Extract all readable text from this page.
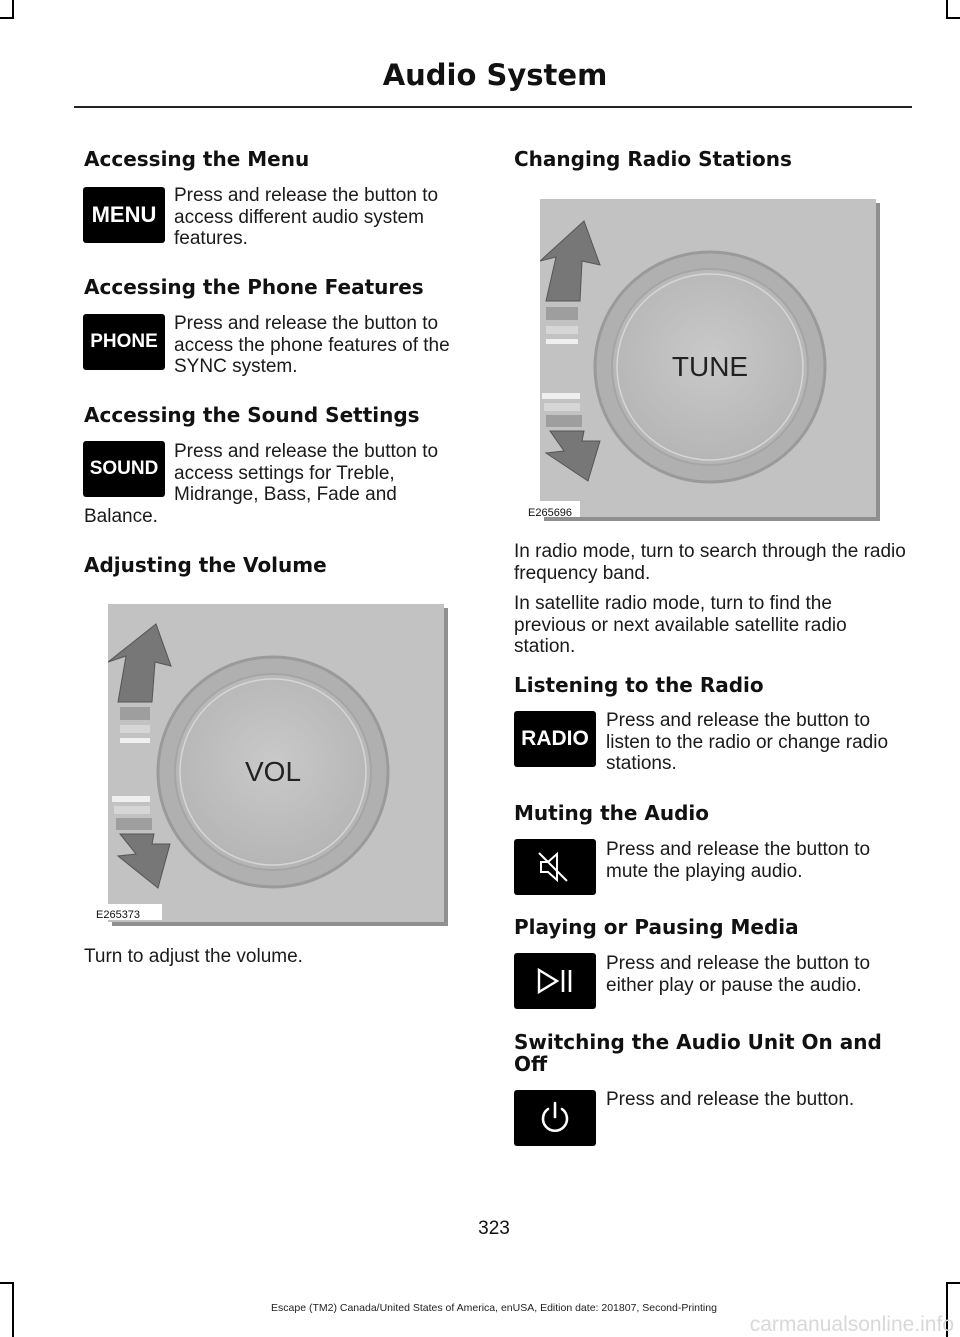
Audio System
Accessing the Menu
MENU

Press and release the button to access different audio system features.

Accessing the Phone Features
PHONE

Press and release the button to access the phone features of the SYNC system.

Accessing the Sound Settings
SOUND
Press and release the button to
access settings for Treble,
Midrange, Bass, Fade and
Balance.
Adjusting the Volume
VOL
E265373

Turn to adjust the volume.

Changing Radio Stations
TUNE
E265696

In radio mode, turn to search through the radio frequency band.

In satellite radio mode, turn to find the previous or next available satellite radio station.

Listening to the Radio
RADIO

Press and release the button to listen to the radio or change radio stations.

Muting the Audio

Press and release the button to mute the playing audio.

Playing or Pausing Media

Press and release the button to either play or pause the audio.

Switching the Audio Unit On and
Off

Press and release the button.

323
Escape (TM2) Canada/United States of America, enUSA, Edition date: 201807, Second-Printing
carmanualsonline.info
